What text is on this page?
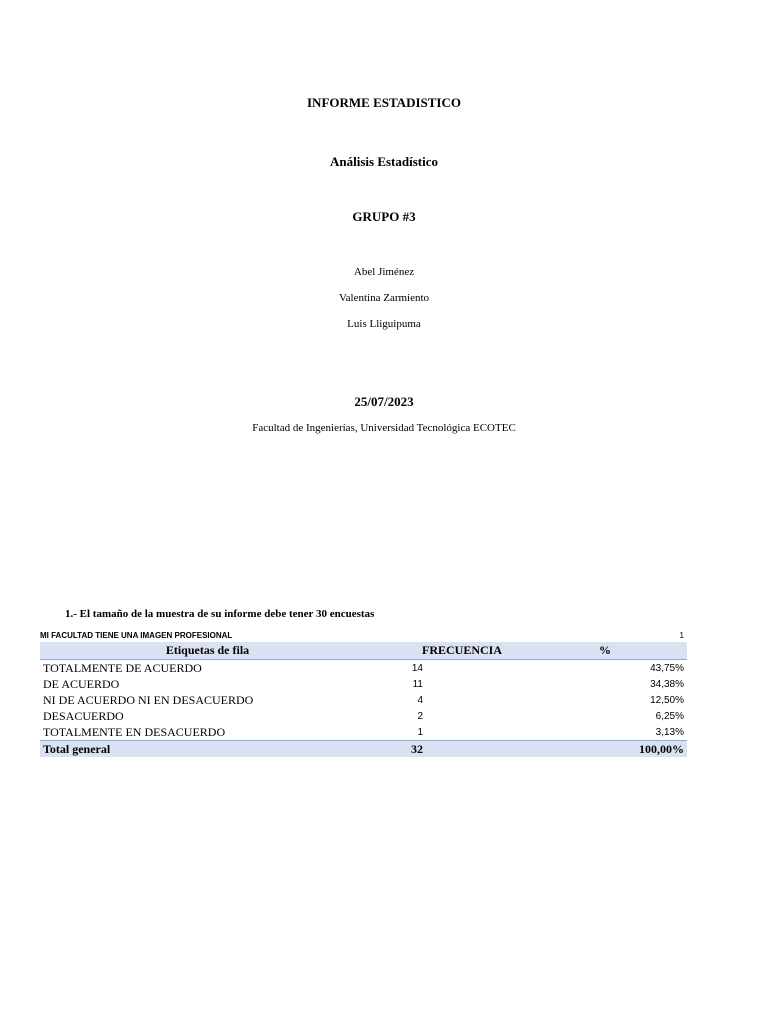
INFORME ESTADISTICO
Análisis Estadístico
GRUPO #3
Abel Jiménez
Valentina Zarmiento
Luis Lliguipuma
25/07/2023
Facultad de Ingenierías, Universidad Tecnológica ECOTEC
1.- El tamaño de la muestra de su informe debe tener 30 encuestas
MI FACULTAD TIENE UNA IMAGEN PROFESIONAL	1
Etiquetas de fila	FRECUENCIA	%
TOTALMENTE DE ACUERDO	14	43,75%
DE ACUERDO	11	34,38%
NI DE ACUERDO NI EN DESACUERDO	4	12,50%
DESACUERDO	2	6,25%
TOTALMENTE EN DESACUERDO	1	3,13%
Total general	32	100,00%
